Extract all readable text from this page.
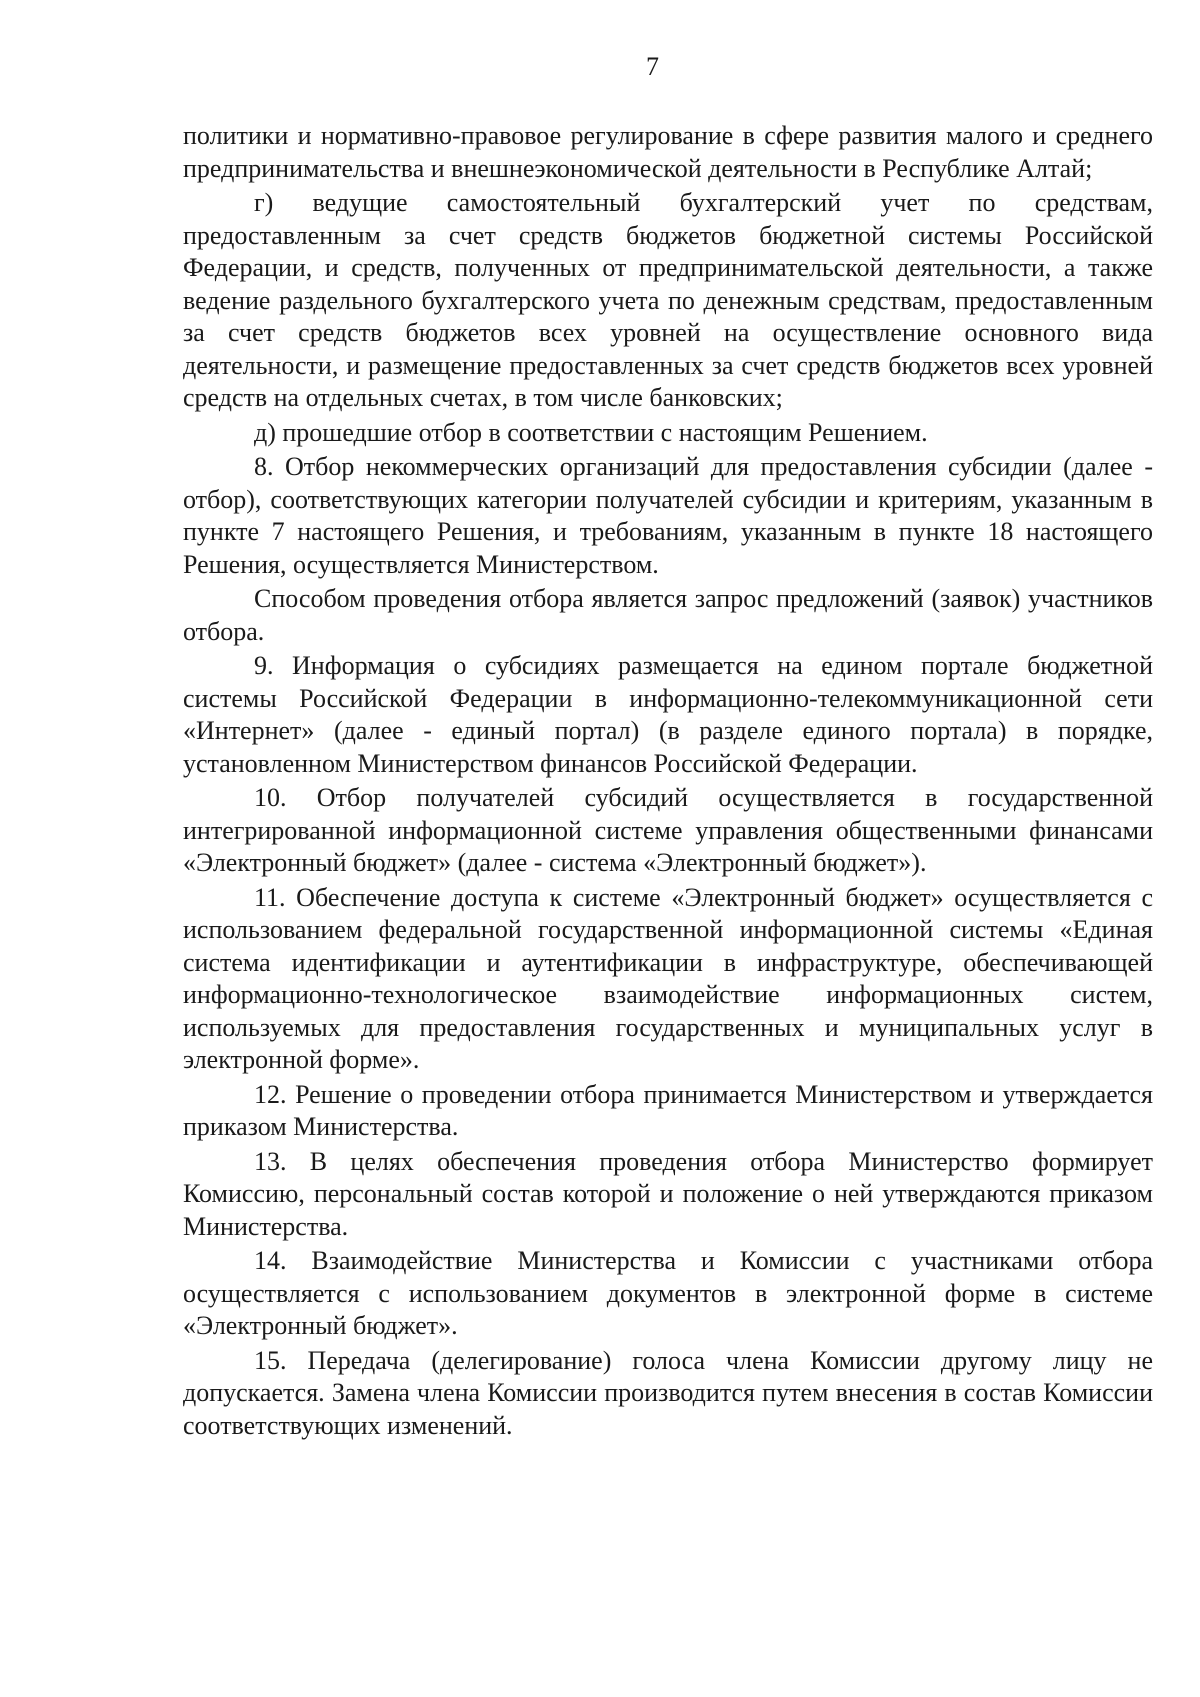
7

политики и нормативно-правовое регулирование в сфере развития малого и среднего предпринимательства и внешнеэкономической деятельности в Республике Алтай;

г) ведущие самостоятельный бухгалтерский учет по средствам, предоставленным за счет средств бюджетов бюджетной системы Российской Федерации, и средств, полученных от предпринимательской деятельности, а также ведение раздельного бухгалтерского учета по денежным средствам, предоставленным за счет средств бюджетов всех уровней на осуществление основного вида деятельности, и размещение предоставленных за счет средств бюджетов всех уровней средств на отдельных счетах, в том числе банковских;

д) прошедшие отбор в соответствии с настоящим Решением.

8. Отбор некоммерческих организаций для предоставления субсидии (далее - отбор), соответствующих категории получателей субсидии и критериям, указанным в пункте 7 настоящего Решения, и требованиям, указанным в пункте 18 настоящего Решения, осуществляется Министерством.

Способом проведения отбора является запрос предложений (заявок) участников отбора.

9. Информация о субсидиях размещается на едином портале бюджетной системы Российской Федерации в информационно-телекоммуникационной сети «Интернет» (далее - единый портал) (в разделе единого портала) в порядке, установленном Министерством финансов Российской Федерации.

10. Отбор получателей субсидий осуществляется в государственной интегрированной информационной системе управления общественными финансами «Электронный бюджет» (далее - система «Электронный бюджет»).

11. Обеспечение доступа к системе «Электронный бюджет» осуществляется с использованием федеральной государственной информационной системы «Единая система идентификации и аутентификации в инфраструктуре, обеспечивающей информационно-технологическое взаимодействие информационных систем, используемых для предоставления государственных и муниципальных услуг в электронной форме».

12. Решение о проведении отбора принимается Министерством и утверждается приказом Министерства.

13. В целях обеспечения проведения отбора Министерство формирует Комиссию, персональный состав которой и положение о ней утверждаются приказом Министерства.

14. Взаимодействие Министерства и Комиссии с участниками отбора осуществляется с использованием документов в электронной форме в системе «Электронный бюджет».

15. Передача (делегирование) голоса члена Комиссии другому лицу не допускается. Замена члена Комиссии производится путем внесения в состав Комиссии соответствующих изменений.
